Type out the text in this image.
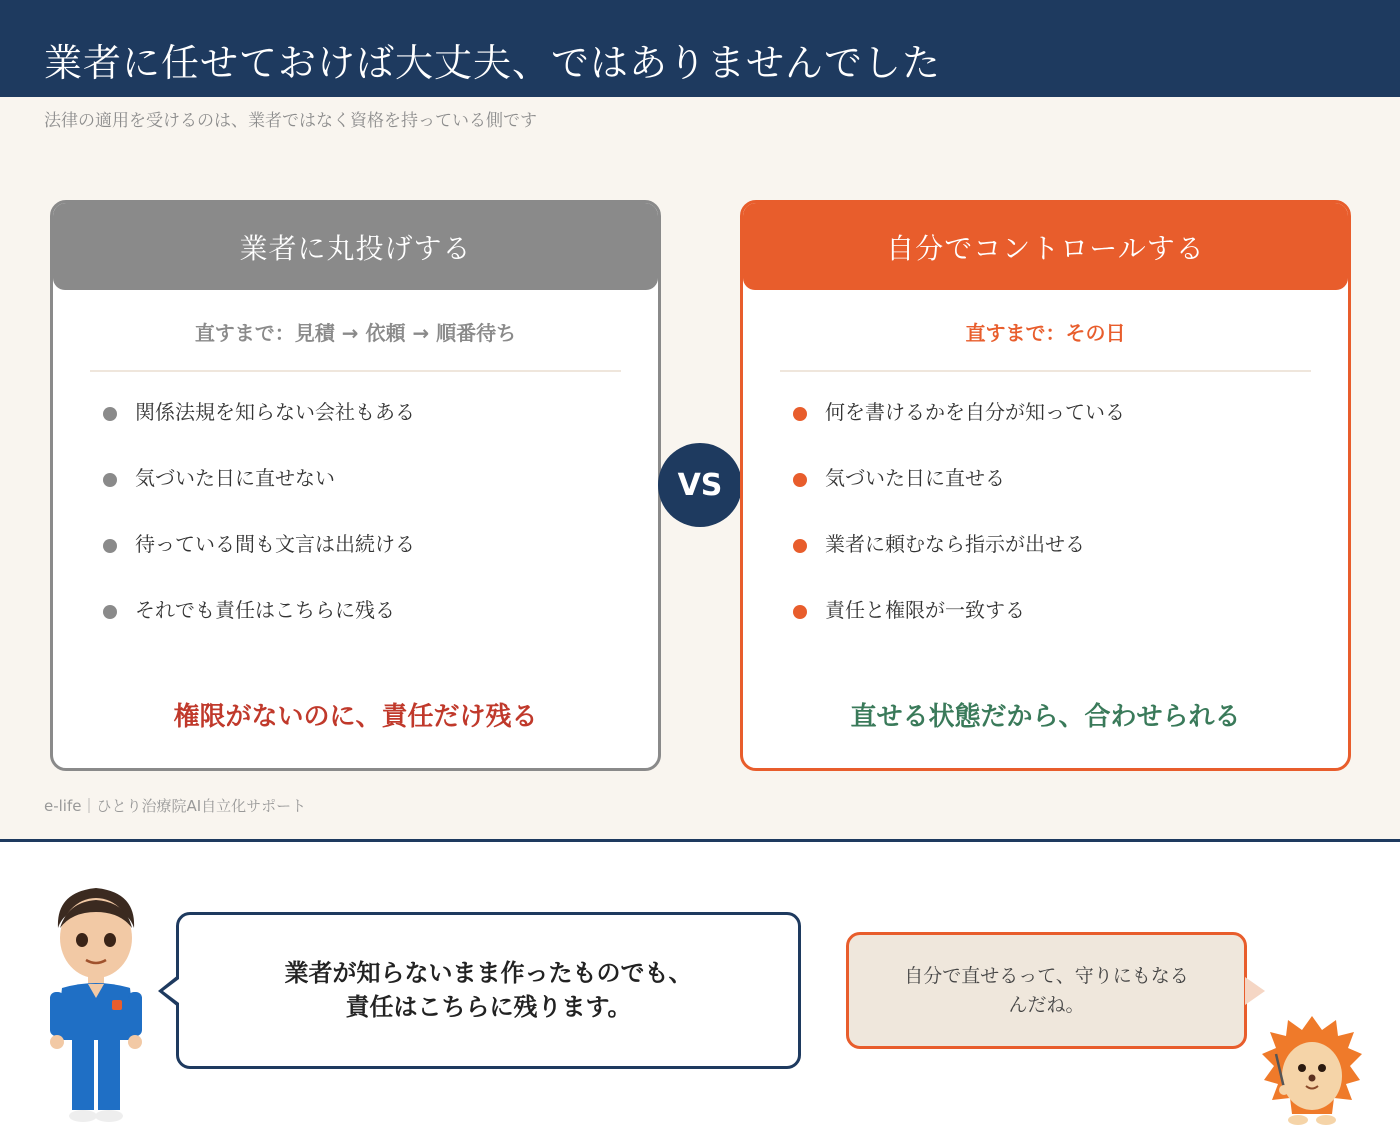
業者に任せておけば大丈夫、ではありませんでした

法律の適用を受けるのは、業者ではなく資格を持っている側です

業者に丸投げする
直すまで：見積 → 依頼 → 順番待ち
関係法規を知らない会社もある
気づいた日に直せない
待っている間も文言は出続ける
それでも責任はこちらに残る
権限がないのに、責任だけ残る
VS
自分でコントロールする
直すまで：その日
何を書けるかを自分が知っている
気づいた日に直せる
業者に頼むなら指示が出せる
責任と権限が一致する
直せる状態だから、合わせられる

e-life｜ひとり治療院AI自立化サポート

業者が知らないまま作ったものでも、
責任はこちらに残ります。
自分で直せるって、守りにもなる
んだね。
